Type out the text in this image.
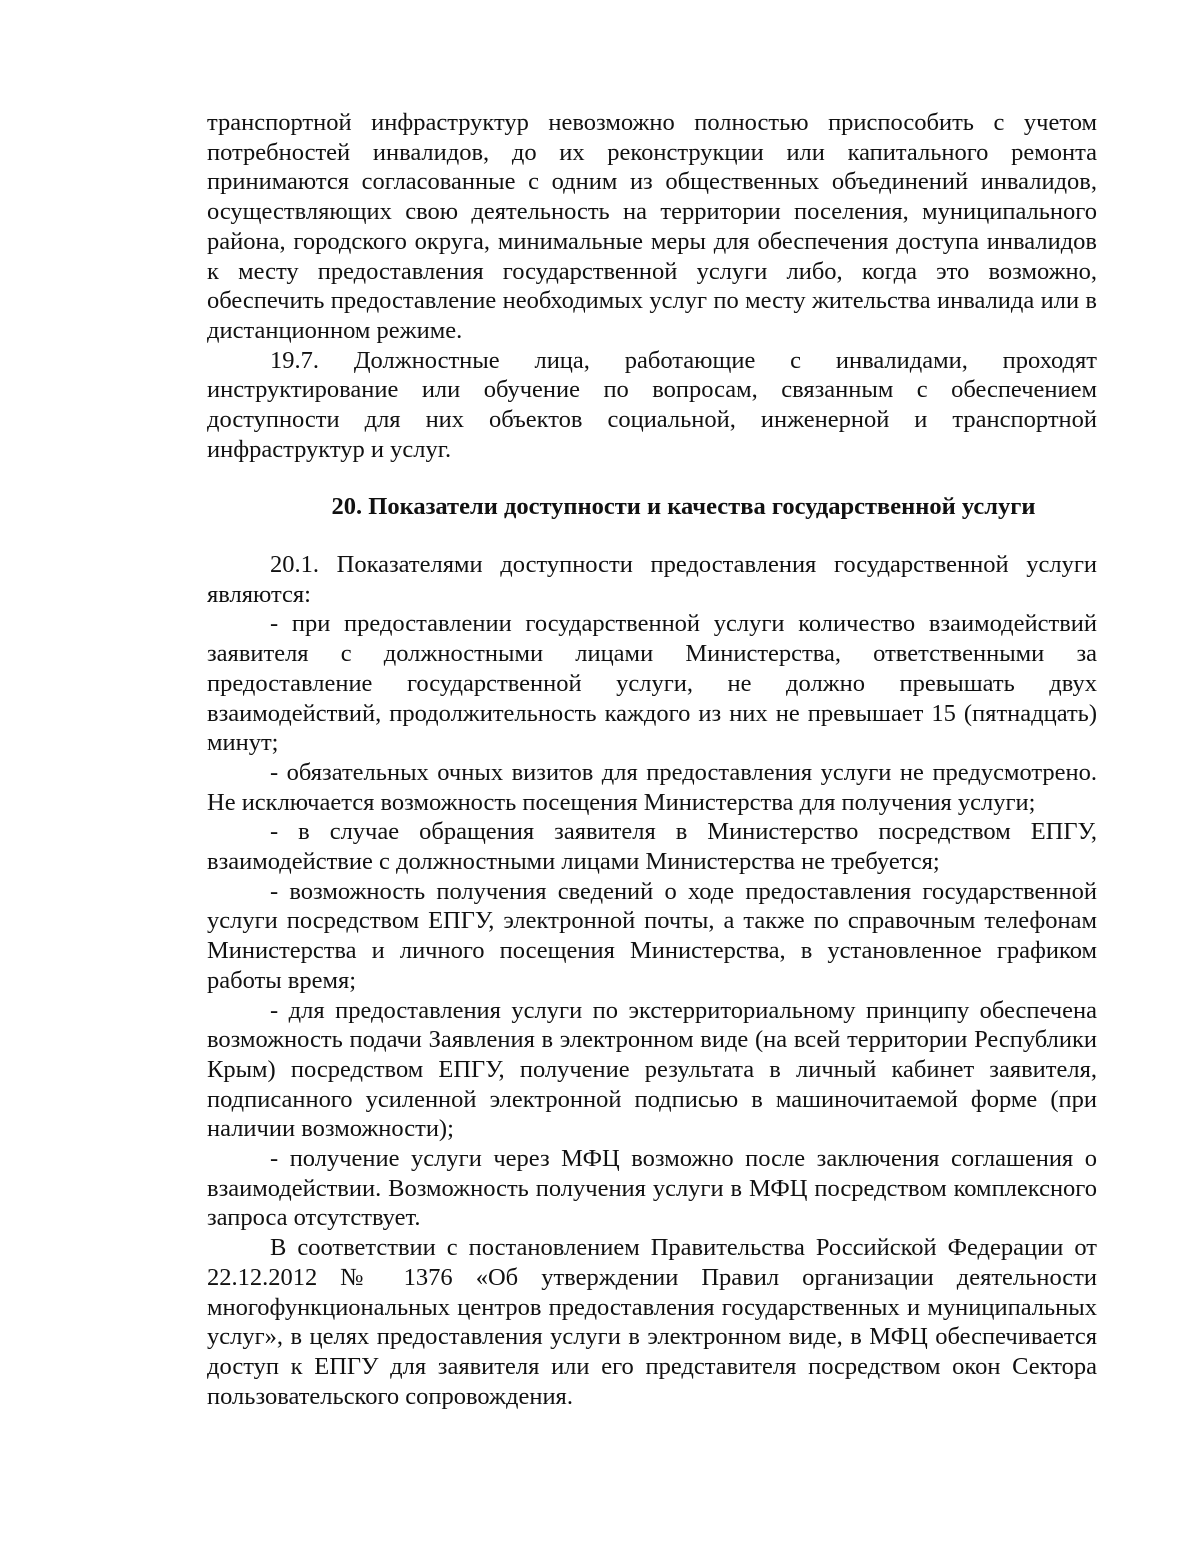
транспортной инфраструктур невозможно полностью приспособить с учетом потребностей инвалидов, до их реконструкции или капитального ремонта принимаются согласованные с одним из общественных объединений инвалидов, осуществляющих свою деятельность на территории поселения, муниципального района, городского округа, минимальные меры для обеспечения доступа инвалидов к месту предоставления государственной услуги либо, когда это возможно, обеспечить предоставление необходимых услуг по месту жительства инвалида или в дистанционном режиме.

19.7. Должностные лица, работающие с инвалидами, проходят инструктирование или обучение по вопросам, связанным с обеспечением доступности для них объектов социальной, инженерной и транспортной инфраструктур и услуг.

20. Показатели доступности и качества государственной услуги

20.1. Показателями доступности предоставления государственной услуги являются:

- при предоставлении государственной услуги количество взаимодействий заявителя с должностными лицами Министерства, ответственными за предоставление государственной услуги, не должно превышать двух взаимодействий, продолжительность каждого из них не превышает 15 (пятнадцать) минут;

- обязательных очных визитов для предоставления услуги не предусмотрено. Не исключается возможность посещения Министерства для получения услуги;

- в случае обращения заявителя в Министерство посредством ЕПГУ, взаимодействие с должностными лицами Министерства не требуется;

- возможность получения сведений о ходе предоставления государственной услуги посредством ЕПГУ, электронной почты, а также по справочным телефонам Министерства и личного посещения Министерства, в установленное графиком работы время;

- для предоставления услуги по экстерриториальному принципу обеспечена возможность подачи Заявления в электронном виде (на всей территории Республики Крым) посредством ЕПГУ, получение результата в личный кабинет заявителя, подписанного усиленной электронной подписью в машиночитаемой форме (при наличии возможности);

- получение услуги через МФЦ возможно после заключения соглашения о взаимодействии. Возможность получения услуги в МФЦ посредством комплексного запроса отсутствует.

В соответствии с постановлением Правительства Российской Федерации от 22.12.2012 № 1376 «Об утверждении Правил организации деятельности многофункциональных центров предоставления государственных и муниципальных услуг», в целях предоставления услуги в электронном виде, в МФЦ обеспечивается доступ к ЕПГУ для заявителя или его представителя посредством окон Сектора пользовательского сопровождения.
